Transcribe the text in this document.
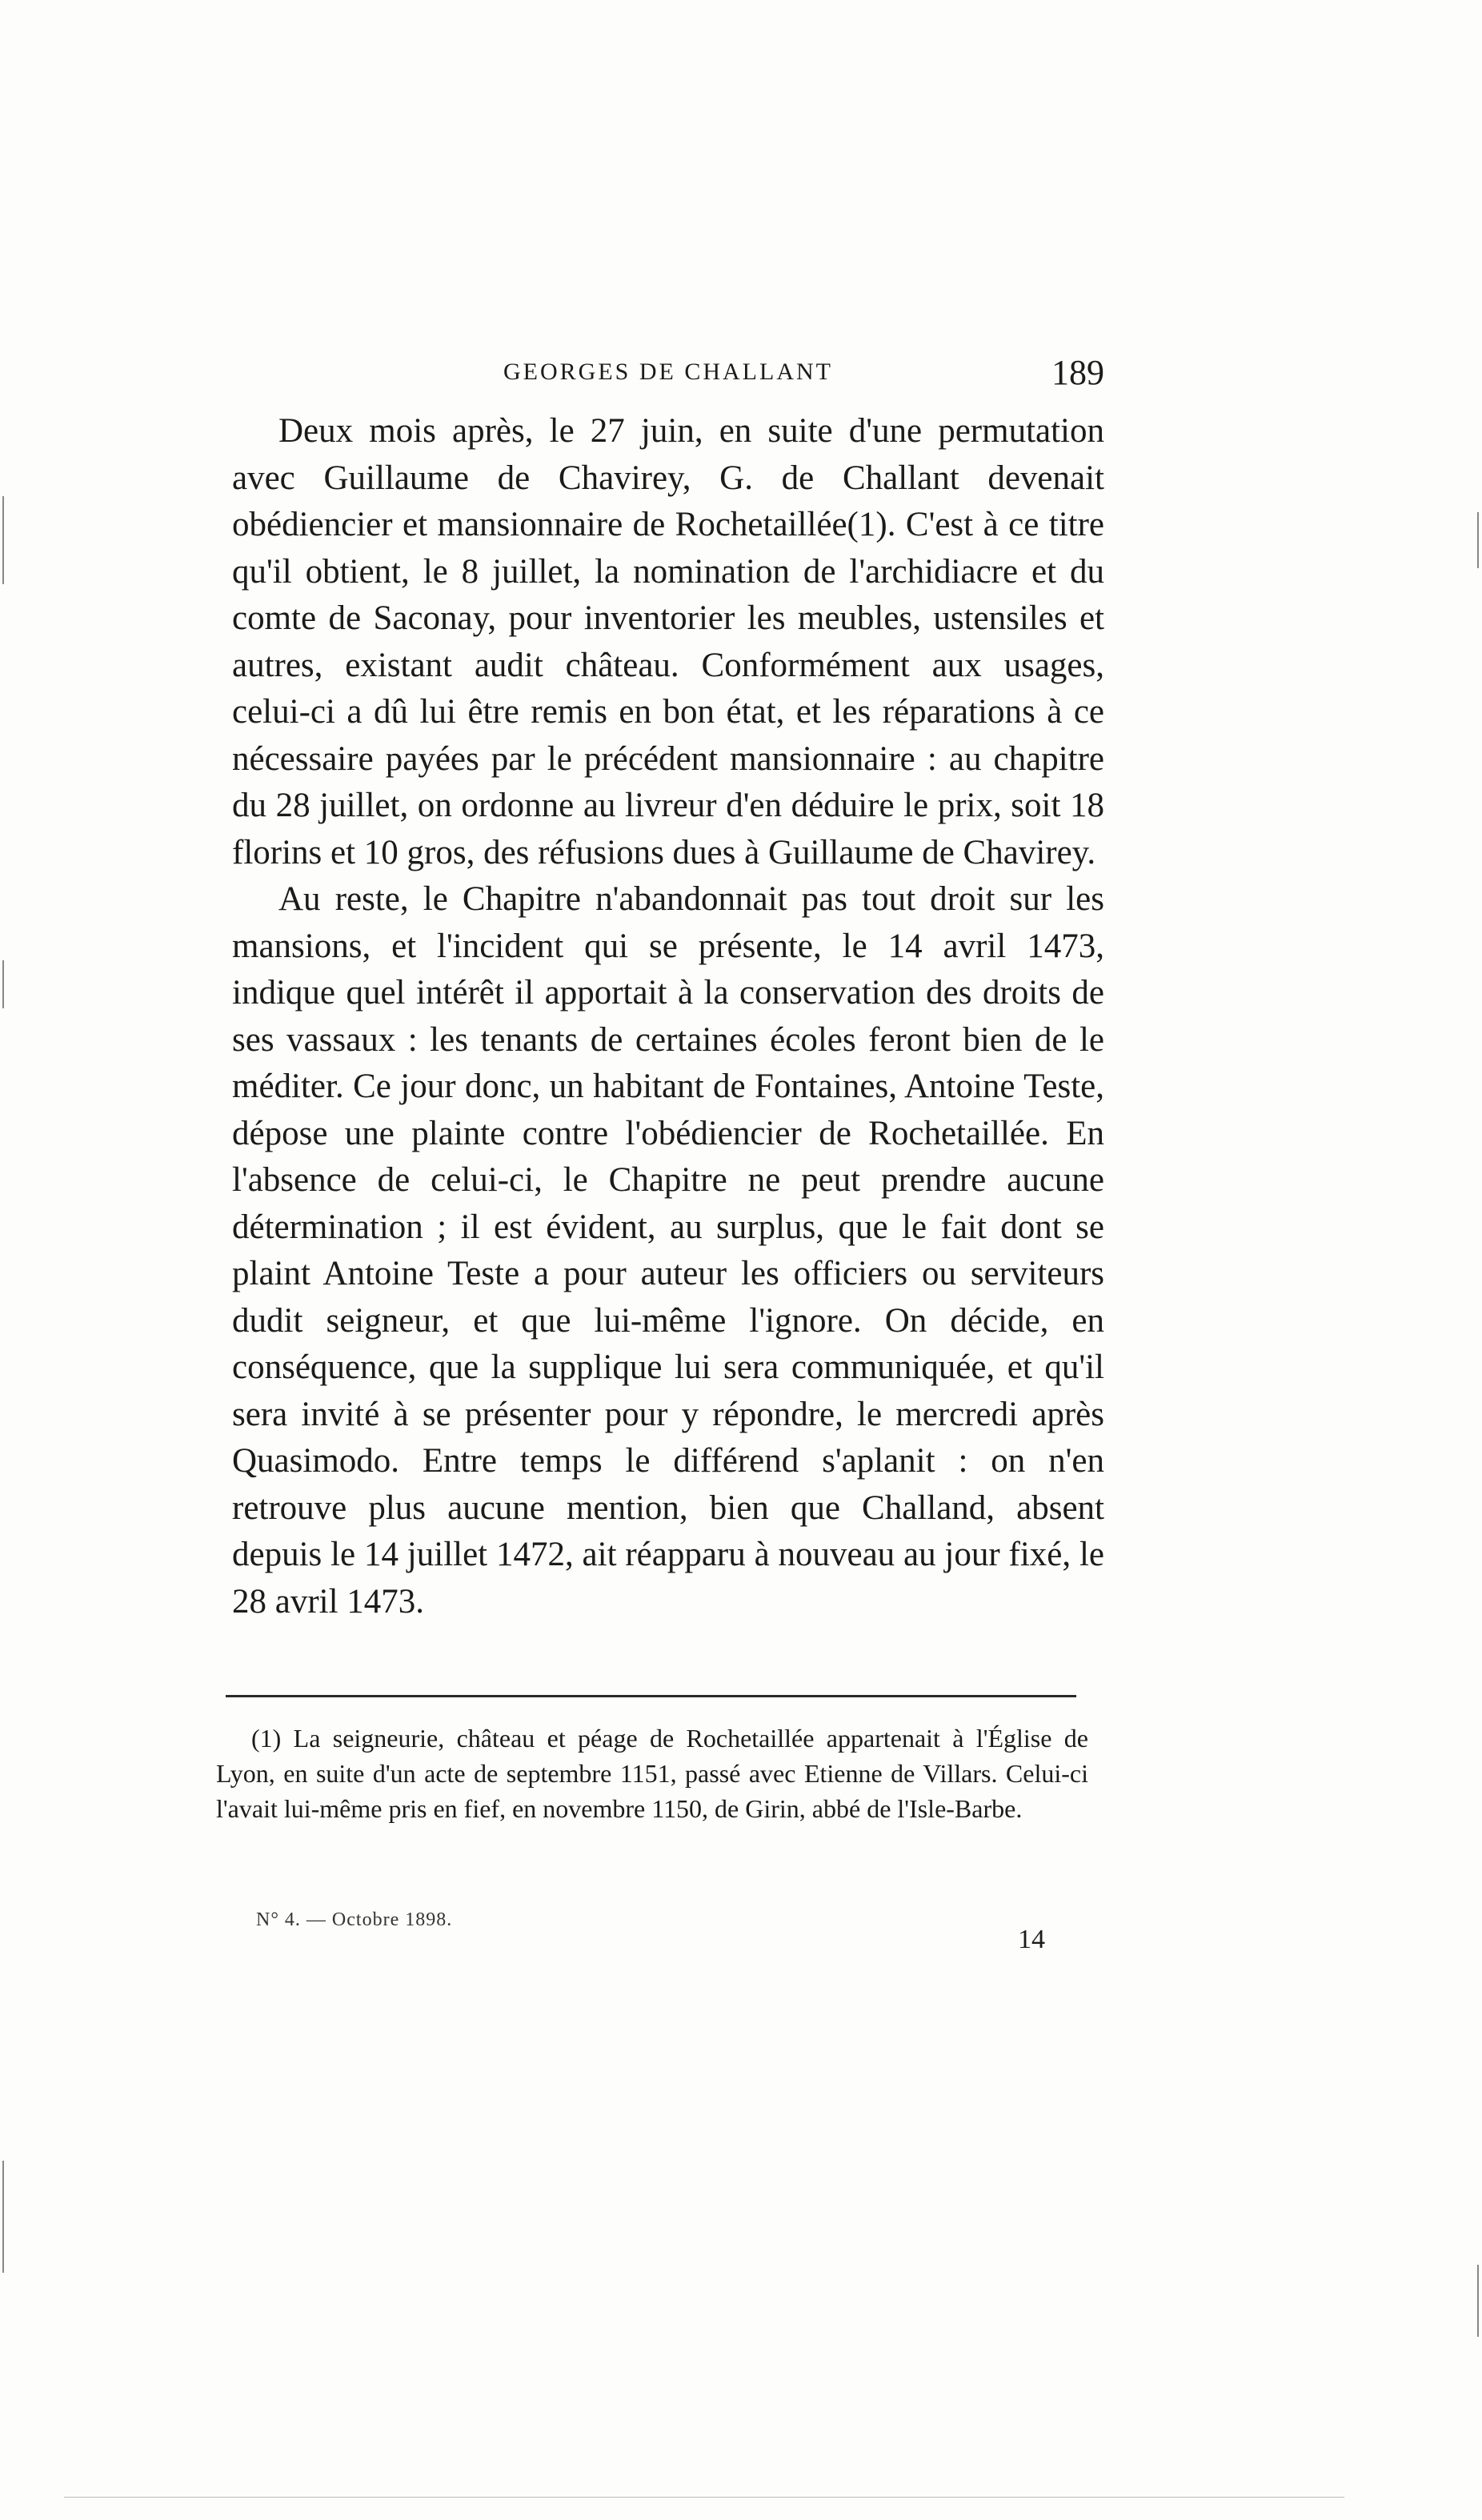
GEORGES DE CHALLANT	189

Deux mois après, le 27 juin, en suite d'une permutation avec Guillaume de Chavirey, G. de Challant devenait obédiencier et mansionnaire de Rochetaillée(1). C'est à ce titre qu'il obtient, le 8 juillet, la nomination de l'archidiacre et du comte de Saconay, pour inventorier les meubles, ustensiles et autres, existant audit château. Conformément aux usages, celui-ci a dû lui être remis en bon état, et les réparations à ce nécessaire payées par le précédent mansionnaire : au chapitre du 28 juillet, on ordonne au livreur d'en déduire le prix, soit 18 florins et 10 gros, des réfusions dues à Guillaume de Chavirey.

Au reste, le Chapitre n'abandonnait pas tout droit sur les mansions, et l'incident qui se présente, le 14 avril 1473, indique quel intérêt il apportait à la conservation des droits de ses vassaux : les tenants de certaines écoles feront bien de le méditer. Ce jour donc, un habitant de Fontaines, Antoine Teste, dépose une plainte contre l'obédiencier de Rochetaillée. En l'absence de celui-ci, le Chapitre ne peut prendre aucune détermination ; il est évident, au surplus, que le fait dont se plaint Antoine Teste a pour auteur les officiers ou serviteurs dudit seigneur, et que lui-même l'ignore. On décide, en conséquence, que la supplique lui sera communiquée, et qu'il sera invité à se présenter pour y répondre, le mercredi après Quasimodo. Entre temps le différend s'aplanit : on n'en retrouve plus aucune mention, bien que Challand, absent depuis le 14 juillet 1472, ait réapparu à nouveau au jour fixé, le 28 avril 1473.

(1) La seigneurie, château et péage de Rochetaillée appartenait à l'Église de Lyon, en suite d'un acte de septembre 1151, passé avec Etienne de Villars. Celui-ci l'avait lui-même pris en fief, en novembre 1150, de Girin, abbé de l'Isle-Barbe.
N° 4. — Octobre 1898.
14
